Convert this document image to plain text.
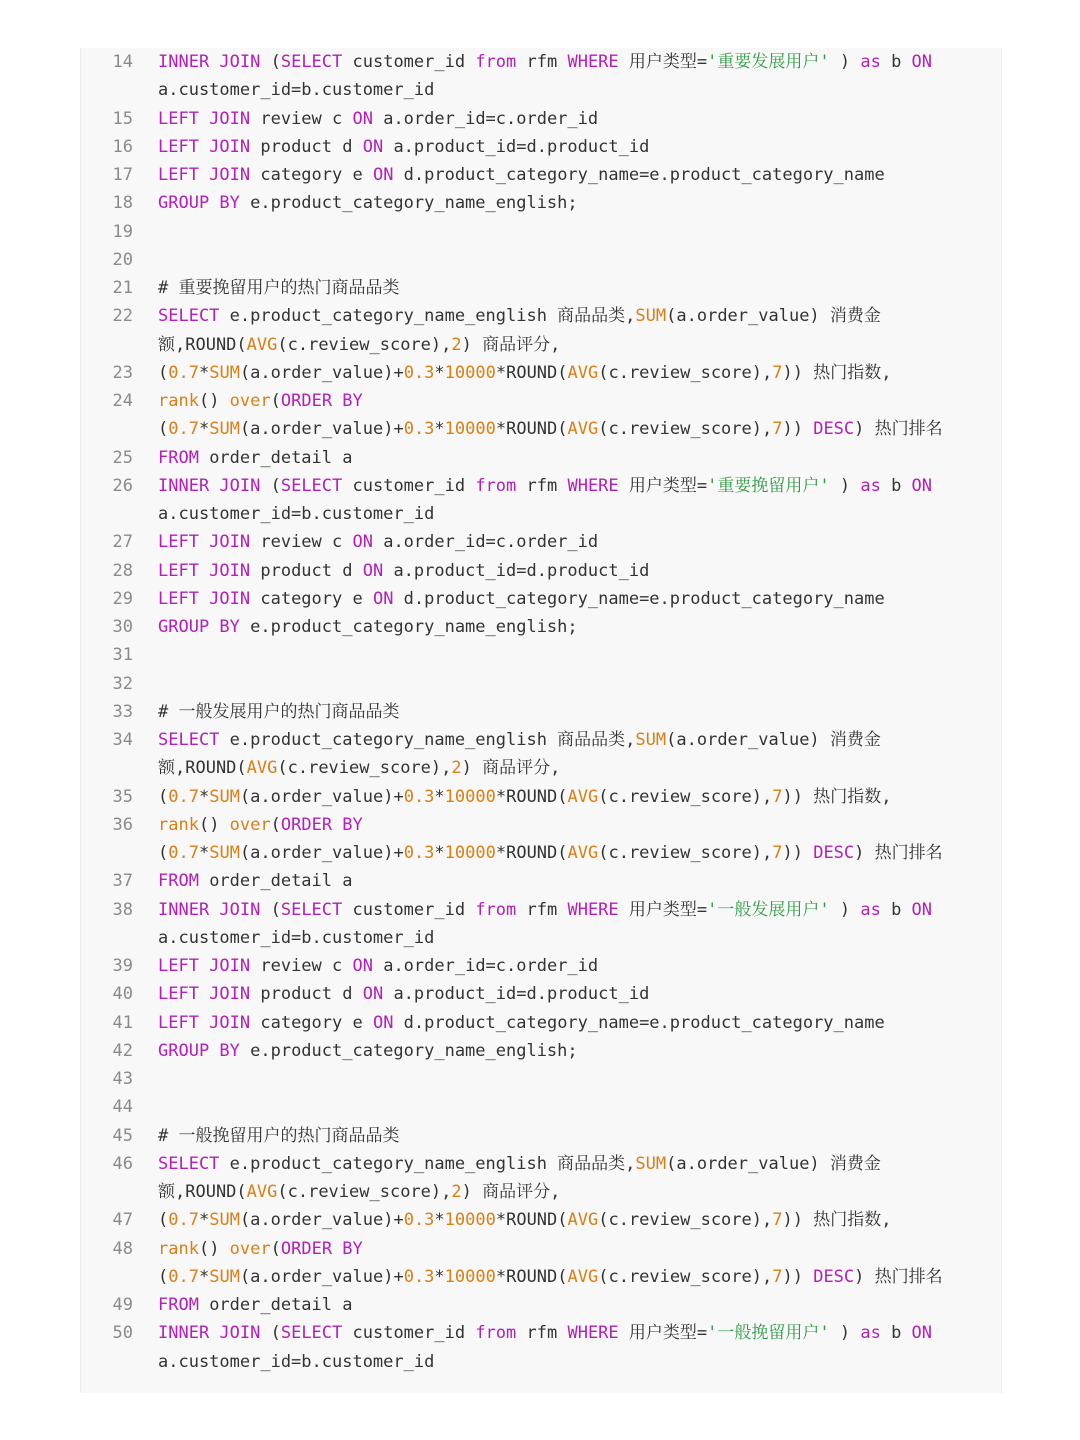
14 INNER JOIN (SELECT customer_id from rfm WHERE 用户类型='重要发展用户' ) as b ON a.customer_id=b.customer_id
15 LEFT JOIN review c ON a.order_id=c.order_id
16 LEFT JOIN product d ON a.product_id=d.product_id
17 LEFT JOIN category e ON d.product_category_name=e.product_category_name
18 GROUP BY e.product_category_name_english;
19

20

21 # 重要挽留用户的热门商品品类
22 SELECT e.product_category_name_english 商品品类,SUM(a.order_value) 消费金额,ROUND(AVG(c.review_score),2) 商品评分,
23 (0.7*SUM(a.order_value)+0.3*10000*ROUND(AVG(c.review_score),7)) 热门指数,
24 rank() over(ORDER BY
(0.7*SUM(a.order_value)+0.3*10000*ROUND(AVG(c.review_score),7)) DESC) 热门排名
25 FROM order_detail a
26 INNER JOIN (SELECT customer_id from rfm WHERE 用户类型='重要挽留用户' ) as b ON a.customer_id=b.customer_id
27 LEFT JOIN review c ON a.order_id=c.order_id
28 LEFT JOIN product d ON a.product_id=d.product_id
29 LEFT JOIN category e ON d.product_category_name=e.product_category_name
30 GROUP BY e.product_category_name_english;
31

32

33 # 一般发展用户的热门商品品类
34 SELECT e.product_category_name_english 商品品类,SUM(a.order_value) 消费金额,ROUND(AVG(c.review_score),2) 商品评分,
35 (0.7*SUM(a.order_value)+0.3*10000*ROUND(AVG(c.review_score),7)) 热门指数,
36 rank() over(ORDER BY
(0.7*SUM(a.order_value)+0.3*10000*ROUND(AVG(c.review_score),7)) DESC) 热门排名
37 FROM order_detail a
38 INNER JOIN (SELECT customer_id from rfm WHERE 用户类型='一般发展用户' ) as b ON a.customer_id=b.customer_id
39 LEFT JOIN review c ON a.order_id=c.order_id
40 LEFT JOIN product d ON a.product_id=d.product_id
41 LEFT JOIN category e ON d.product_category_name=e.product_category_name
42 GROUP BY e.product_category_name_english;
43

44

45 # 一般挽留用户的热门商品品类
46 SELECT e.product_category_name_english 商品品类,SUM(a.order_value) 消费金额,ROUND(AVG(c.review_score),2) 商品评分,
47 (0.7*SUM(a.order_value)+0.3*10000*ROUND(AVG(c.review_score),7)) 热门指数,
48 rank() over(ORDER BY
(0.7*SUM(a.order_value)+0.3*10000*ROUND(AVG(c.review_score),7)) DESC) 热门排名
49 FROM order_detail a
50 INNER JOIN (SELECT customer_id from rfm WHERE 用户类型='一般挽留用户' ) as b ON a.customer_id=b.customer_id
